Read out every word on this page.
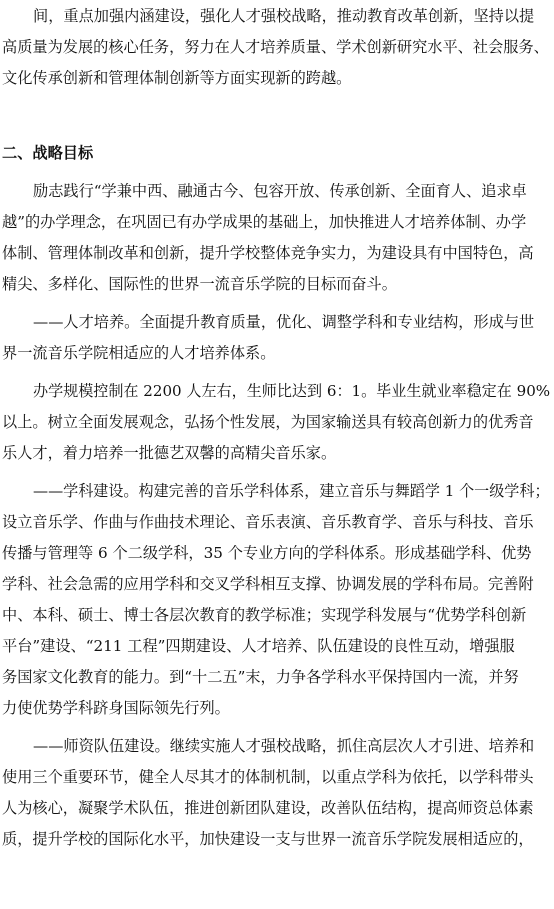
间，重点加强内涵建设，强化人才强校战略，推动教育改革创新，坚持以提
高质量为发展的核心任务，努力在人才培养质量、学术创新研究水平、社会服务、
文化传承创新和管理体制创新等方面实现新的跨越。
二、战略目标
励志践行“学兼中西、融通古今、包容开放、传承创新、全面育人、追求卓
越”的办学理念，在巩固已有办学成果的基础上，加快推进人才培养体制、办学
体制、管理体制改革和创新，提升学校整体竞争实力，为建设具有中国特色，高
精尖、多样化、国际性的世界一流音乐学院的目标而奋斗。
——人才培养。全面提升教育质量，优化、调整学科和专业结构，形成与世
界一流音乐学院相适应的人才培养体系。
办学规模控制在 2200 人左右，生师比达到 6：1。毕业生就业率稳定在 90%
以上。树立全面发展观念，弘扬个性发展，为国家输送具有较高创新力的优秀音
乐人才，着力培养一批德艺双馨的高精尖音乐家。
——学科建设。构建完善的音乐学科体系，建立音乐与舞蹈学 1 个一级学科；
设立音乐学、作曲与作曲技术理论、音乐表演、音乐教育学、音乐与科技、音乐
传播与管理等 6 个二级学科，35 个专业方向的学科体系。形成基础学科、优势
学科、社会急需的应用学科和交叉学科相互支撑、协调发展的学科布局。完善附
中、本科、硕士、博士各层次教育的教学标准；实现学科发展与“优势学科创新
平台”建设、“211 工程”四期建设、人才培养、队伍建设的良性互动，增强服
务国家文化教育的能力。到“十二五”末，力争各学科水平保持国内一流，并努
力使优势学科跻身国际领先行列。
——师资队伍建设。继续实施人才强校战略，抓住高层次人才引进、培养和
使用三个重要环节，健全人尽其才的体制机制，以重点学科为依托，以学科带头
人为核心，凝聚学术队伍，推进创新团队建设，改善队伍结构，提高师资总体素
质，提升学校的国际化水平，加快建设一支与世界一流音乐学院发展相适应的，
